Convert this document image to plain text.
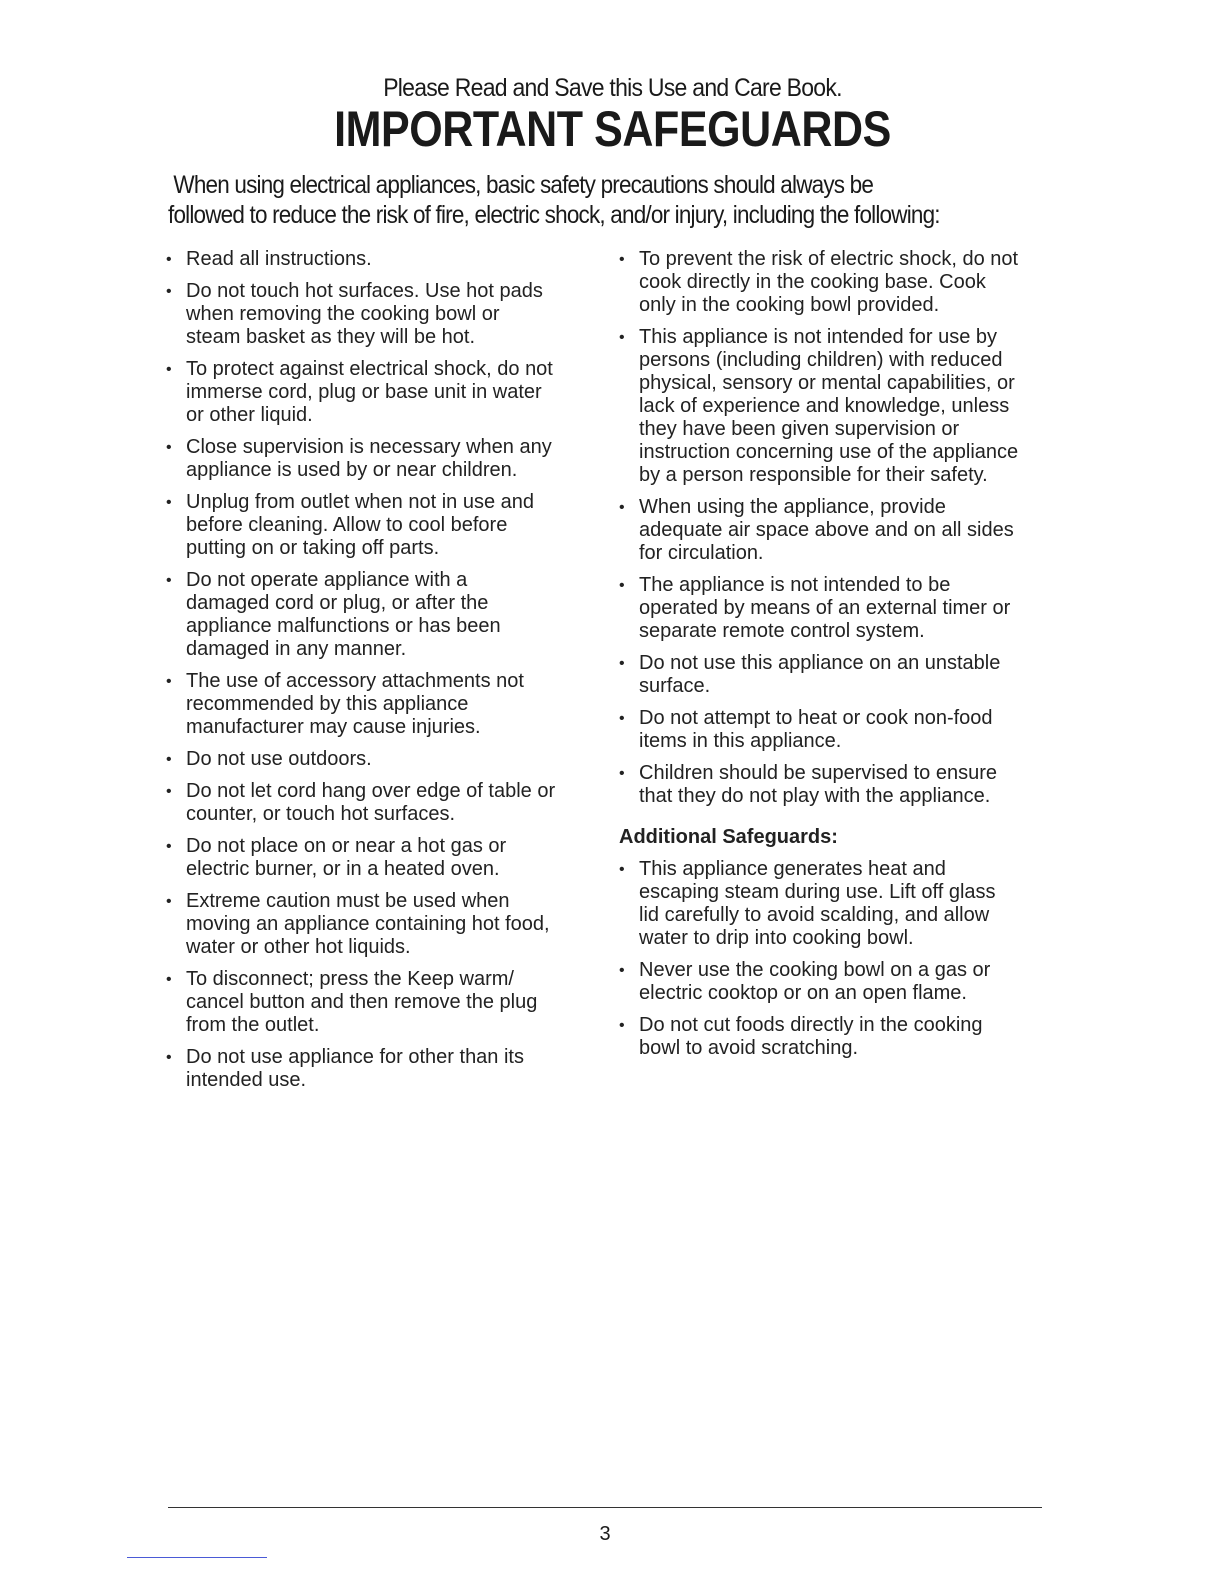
Please Read and Save this Use and Care Book.
IMPORTANT SAFEGUARDS
When using electrical appliances, basic safety precautions should always be
followed to reduce the risk of fire, electric shock, and/or injury, including the following:
• Read all instructions.
• Do not touch hot surfaces. Use hot pads when removing the cooking bowl or steam basket as they will be hot.
• To protect against electrical shock, do not immerse cord, plug or base unit in water or other liquid.
• Close supervision is necessary when any appliance is used by or near children.
• Unplug from outlet when not in use and before cleaning. Allow to cool before putting on or taking off parts.
• Do not operate appliance with a damaged cord or plug, or after the appliance malfunctions or has been damaged in any manner.
• The use of accessory attachments not recommended by this appliance manufacturer may cause injuries.
• Do not use outdoors.
• Do not let cord hang over edge of table or counter, or touch hot surfaces.
• Do not place on or near a hot gas or electric burner, or in a heated oven.
• Extreme caution must be used when moving an appliance containing hot food, water or other hot liquids.
• To disconnect; press the Keep warm/ cancel button and then remove the plug from the outlet.
• Do not use appliance for other than its intended use.
• To prevent the risk of electric shock, do not cook directly in the cooking base. Cook only in the cooking bowl provided.
• This appliance is not intended for use by persons (including children) with reduced physical, sensory or mental capabilities, or lack of experience and knowledge, unless they have been given supervision or instruction concerning use of the appliance by a person responsible for their safety.
• When using the appliance, provide adequate air space above and on all sides for circulation.
• The appliance is not intended to be operated by means of an external timer or separate remote control system.
• Do not use this appliance on an unstable surface.
• Do not attempt to heat or cook non-food items in this appliance.
• Children should be supervised to ensure that they do not play with the appliance.
Additional Safeguards:
• This appliance generates heat and escaping steam during use. Lift off glass lid carefully to avoid scalding, and allow water to drip into cooking bowl.
• Never use the cooking bowl on a gas or electric cooktop or on an open flame.
• Do not cut foods directly in the cooking bowl to avoid scratching.
3
